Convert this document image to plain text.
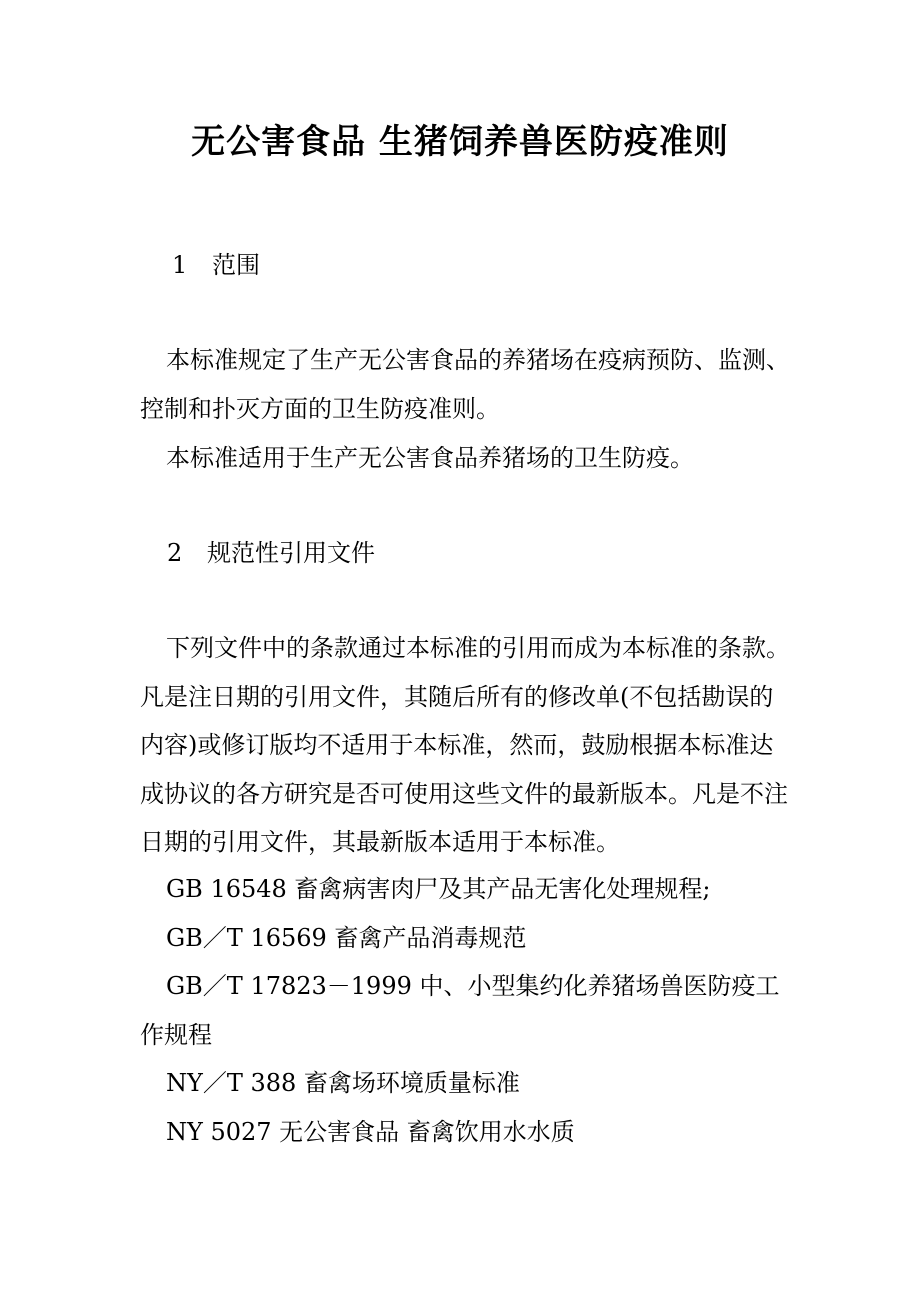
无公害食品 生猪饲养兽医防疫准则
1 范围

本标准规定了生产无公害食品的养猪场在疫病预防、监测、控制和扑灭方面的卫生防疫准则。

本标准适用于生产无公害食品养猪场的卫生防疫。

2 规范性引用文件

下列文件中的条款通过本标准的引用而成为本标准的条款。凡是注日期的引用文件，其随后所有的修改单(不包括勘误的内容)或修订版均不适用于本标准，然而，鼓励根据本标准达成协议的各方研究是否可使用这些文件的最新版本。凡是不注日期的引用文件，其最新版本适用于本标准。

GB 16548 畜禽病害肉尸及其产品无害化处理规程;

GB／T 16569 畜禽产品消毒规范

GB／T 17823－1999 中、小型集约化养猪场兽医防疫工作规程

NY／T 388 畜禽场环境质量标准

NY 5027 无公害食品 畜禽饮用水水质
